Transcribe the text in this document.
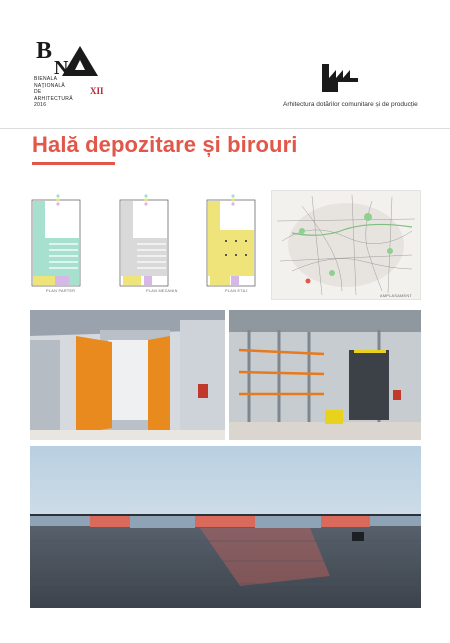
B
N
BIENALA
NAȚIONALĂ
DE
ARHITECTURĂ
2016
XII
Arhitectura dotărilor comunitare și de producție
Hală depozitare și birouri
PLAN PARTER	PLAN MEZANIN	PLAN ETAJ
AMPLASAMENT
